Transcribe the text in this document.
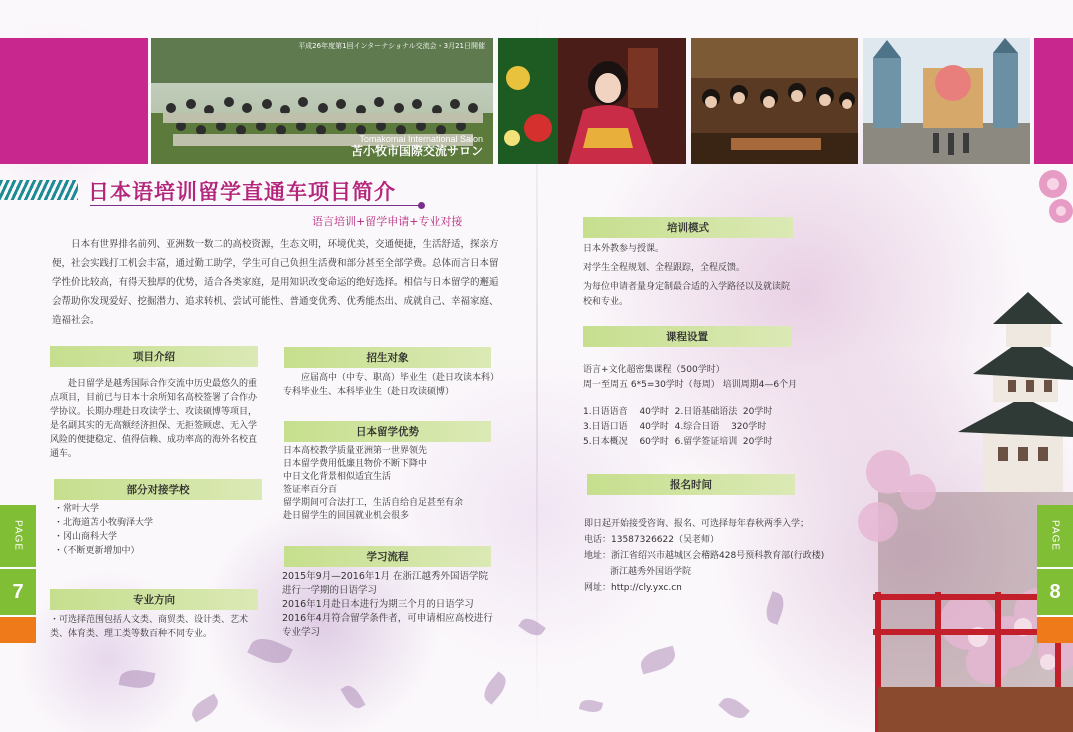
平成26年度第1回インターナショナル交流会・3月21日開催
Tomakomai International Salon
苫小牧市国際交流サロン
日本语培训留学直通车项目简介
语言培训+留学申请+专业对接
日本有世界排名前列、亚洲数一数二的高校资源，生态文明，环境优美，交通便捷，生活舒适，探亲方便，社会实践打工机会丰富，通过勤工助学，学生可自己负担生活费和部分甚至全部学费。总体而言日本留学性价比较高，有得天独厚的优势，适合各类家庭，是用知识改变命运的绝好选择。相信与日本留学的邂逅会帮助你发现爱好、挖掘潜力、追求转机、尝试可能性、普通变优秀、优秀能杰出、成就自己、幸福家庭、造福社会。
项目介绍
赴日留学是越秀国际合作交流中历史最悠久的重点项目，目前已与日本十余所知名高校签署了合作办学协议。长期办理赴日攻读学士、攻读硕博等项目，是名副其实的无高额经济担保、无拒签顾虑、无入学风险的便捷稳定、值得信赖、成功率高的海外名校直通车。
部分对接学校
・ 常叶大学
・ 北海道苫小牧驹泽大学
・ 冈山商科大学
・ （不断更新增加中）
专业方向
・可选择范围包括人文类、商贸类、设计类、艺术类、体育类、理工类等数百种不同专业。
招生对象
应届高中（中专、职高）毕业生（赴日攻读本科）专科毕业生、本科毕业生（赴日攻读硕博）
日本留学优势

日本高校教学质量亚洲第一世界领先

日本留学费用低廉且物价不断下降中

中日文化背景相似适宜生活

签证率百分百

留学期间可合法打工，生活自给自足甚至有余

赴日留学生的回国就业机会很多

学习流程

2015年9月—2016年1月 在浙江越秀外国语学院进行一学期的日语学习

2016年1月赴日本进行为期三个月的日语学习

2016年4月符合留学条件者，可申请相应高校进行专业学习

培训模式

日本外教参与授课。

对学生全程规划、全程跟踪，全程反馈。

为每位申请者量身定制最合适的入学路径以及就读院校和专业。

课程设置

语言+文化超密集课程（500学时）

周一至周五 6*5=30学时（每周） 培训周期4—6个月

1.日语语音　 40学时  2.日语基础语法  20学时

3.日语口语　 40学时  4.综合日语　 320学时

5.日本概况　 60学时  6.留学签证培训  20学时

报名时间

即日起开始接受咨询、报名、可选择每年春秋两季入学；

电话：13587326622（吴老师）

地址：浙江省绍兴市越城区会稽路428号预科教育部(行政楼)

浙江越秀外国语学院

网址：http://cly.yxc.cn

PAGE
7
PAGE
8
